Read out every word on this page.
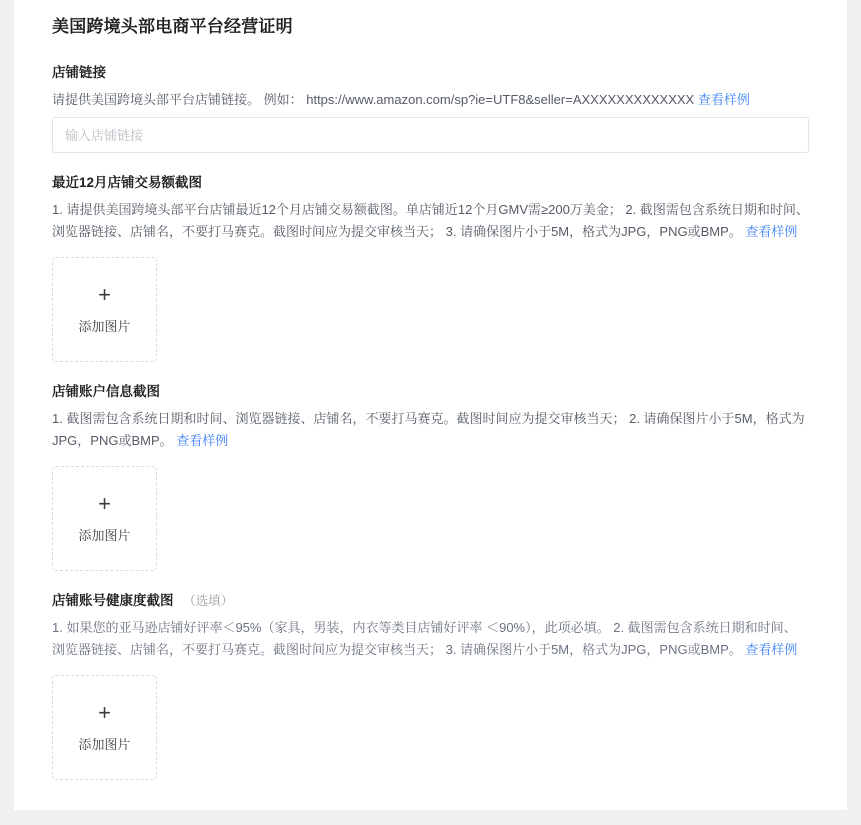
美国跨境头部电商平台经营证明
店铺链接

请提供美国跨境头部平台店铺链接。 例如： https://www.amazon.com/sp?ie=UTF8&seller=AXXXXXXXXXXXXX 查看样例

输入店铺链接
最近12月店铺交易额截图

1. 请提供美国跨境头部平台店铺最近12个月店铺交易额截图。单店铺近12个月GMV需≥200万美金； 2. 截图需包含系统日期和时间、浏览器链接、店铺名，不要打马赛克。截图时间应为提交审核当天； 3. 请确保图片小于5M，格式为JPG，PNG或BMP。 查看样例

+
添加图片
店铺账户信息截图

1. 截图需包含系统日期和时间、浏览器链接、店铺名，不要打马赛克。截图时间应为提交审核当天； 2. 请确保图片小于5M，格式为JPG，PNG或BMP。 查看样例

+
添加图片
店铺账号健康度截图 （选填）

1. 如果您的亚马逊店铺好评率＜95%（家具，男装，内衣等类目店铺好评率 ＜90%），此项必填。 2. 截图需包含系统日期和时间、浏览器链接、店铺名，不要打马赛克。截图时间应为提交审核当天； 3. 请确保图片小于5M，格式为JPG，PNG或BMP。 查看样例

+
添加图片
